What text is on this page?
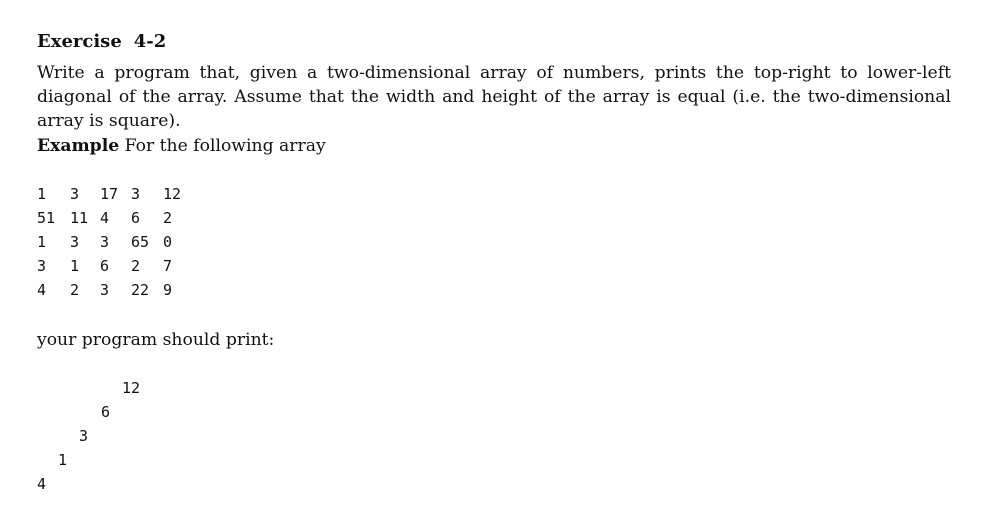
Exercise 4-2
Write a program that, given a two-dimensional array of numbers, prints the top-right to lower-left diagonal of the array. Assume that the width and height of the array is equal (i.e. the two-dimensional array is square).
Example For the following array
1 3 17 3 12
51 11 4 6 2
1 3 3 65 0
3 1 6 2 7
4 2 3 22 9
your program should print:
12
6
3
1
4
